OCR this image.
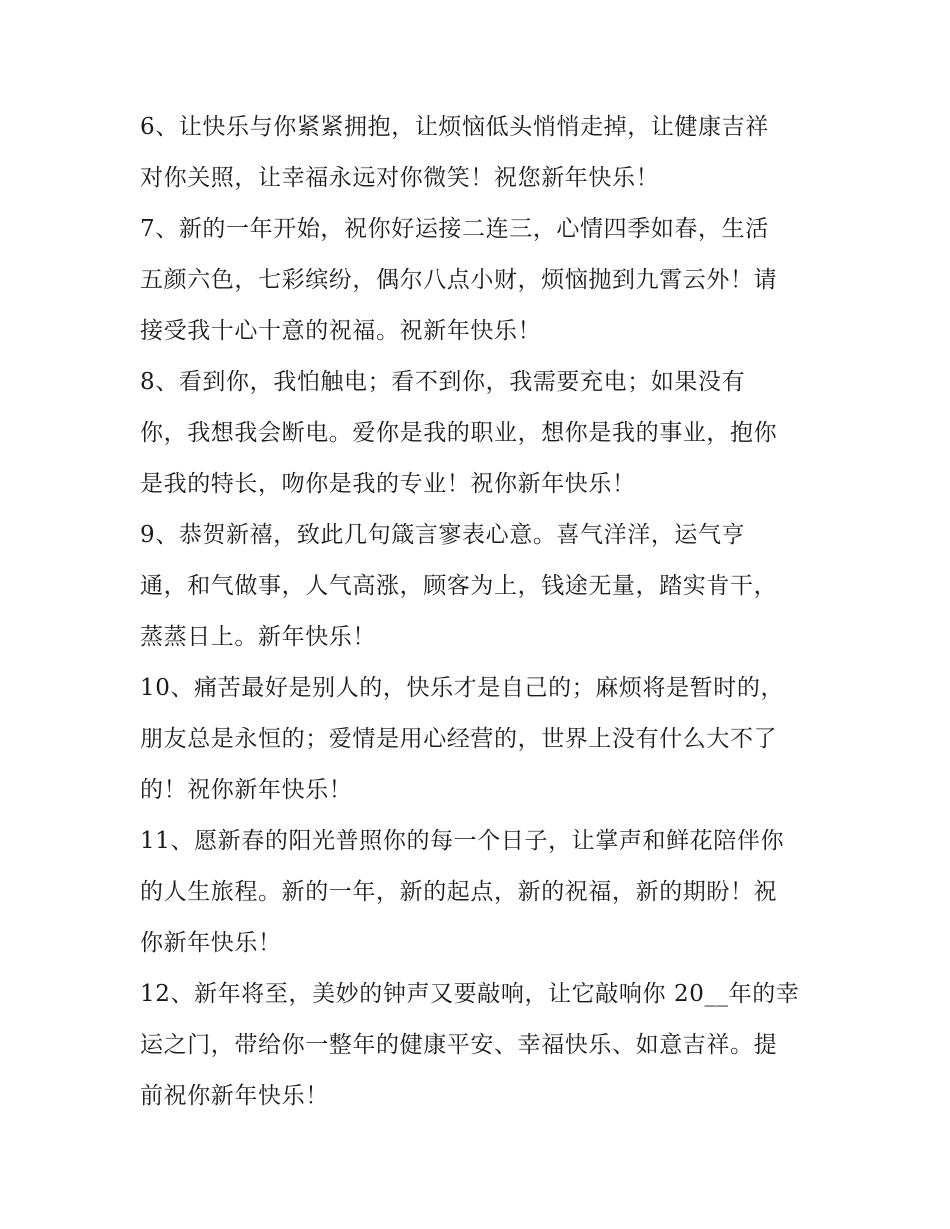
6、让快乐与你紧紧拥抱，让烦恼低头悄悄走掉，让健康吉祥
对你关照，让幸福永远对你微笑！祝您新年快乐！

7、新的一年开始，祝你好运接二连三，心情四季如春，生活
五颜六色，七彩缤纷，偶尔八点小财，烦恼抛到九霄云外！请
接受我十心十意的祝福。祝新年快乐！

8、看到你，我怕触电；看不到你，我需要充电；如果没有
你，我想我会断电。爱你是我的职业，想你是我的事业，抱你
是我的特长，吻你是我的专业！祝你新年快乐！

9、恭贺新禧，致此几句箴言寥表心意。喜气洋洋，运气亨
通，和气做事，人气高涨，顾客为上，钱途无量，踏实肯干，
蒸蒸日上。新年快乐！

10、痛苦最好是别人的，快乐才是自己的；麻烦将是暂时的，
朋友总是永恒的；爱情是用心经营的，世界上没有什么大不了
的！祝你新年快乐！

11、愿新春的阳光普照你的每一个日子，让掌声和鲜花陪伴你
的人生旅程。新的一年，新的起点，新的祝福，新的期盼！祝
你新年快乐！

12、新年将至，美妙的钟声又要敲响，让它敲响你 20__年的幸
运之门，带给你一整年的健康平安、幸福快乐、如意吉祥。提
前祝你新年快乐！
